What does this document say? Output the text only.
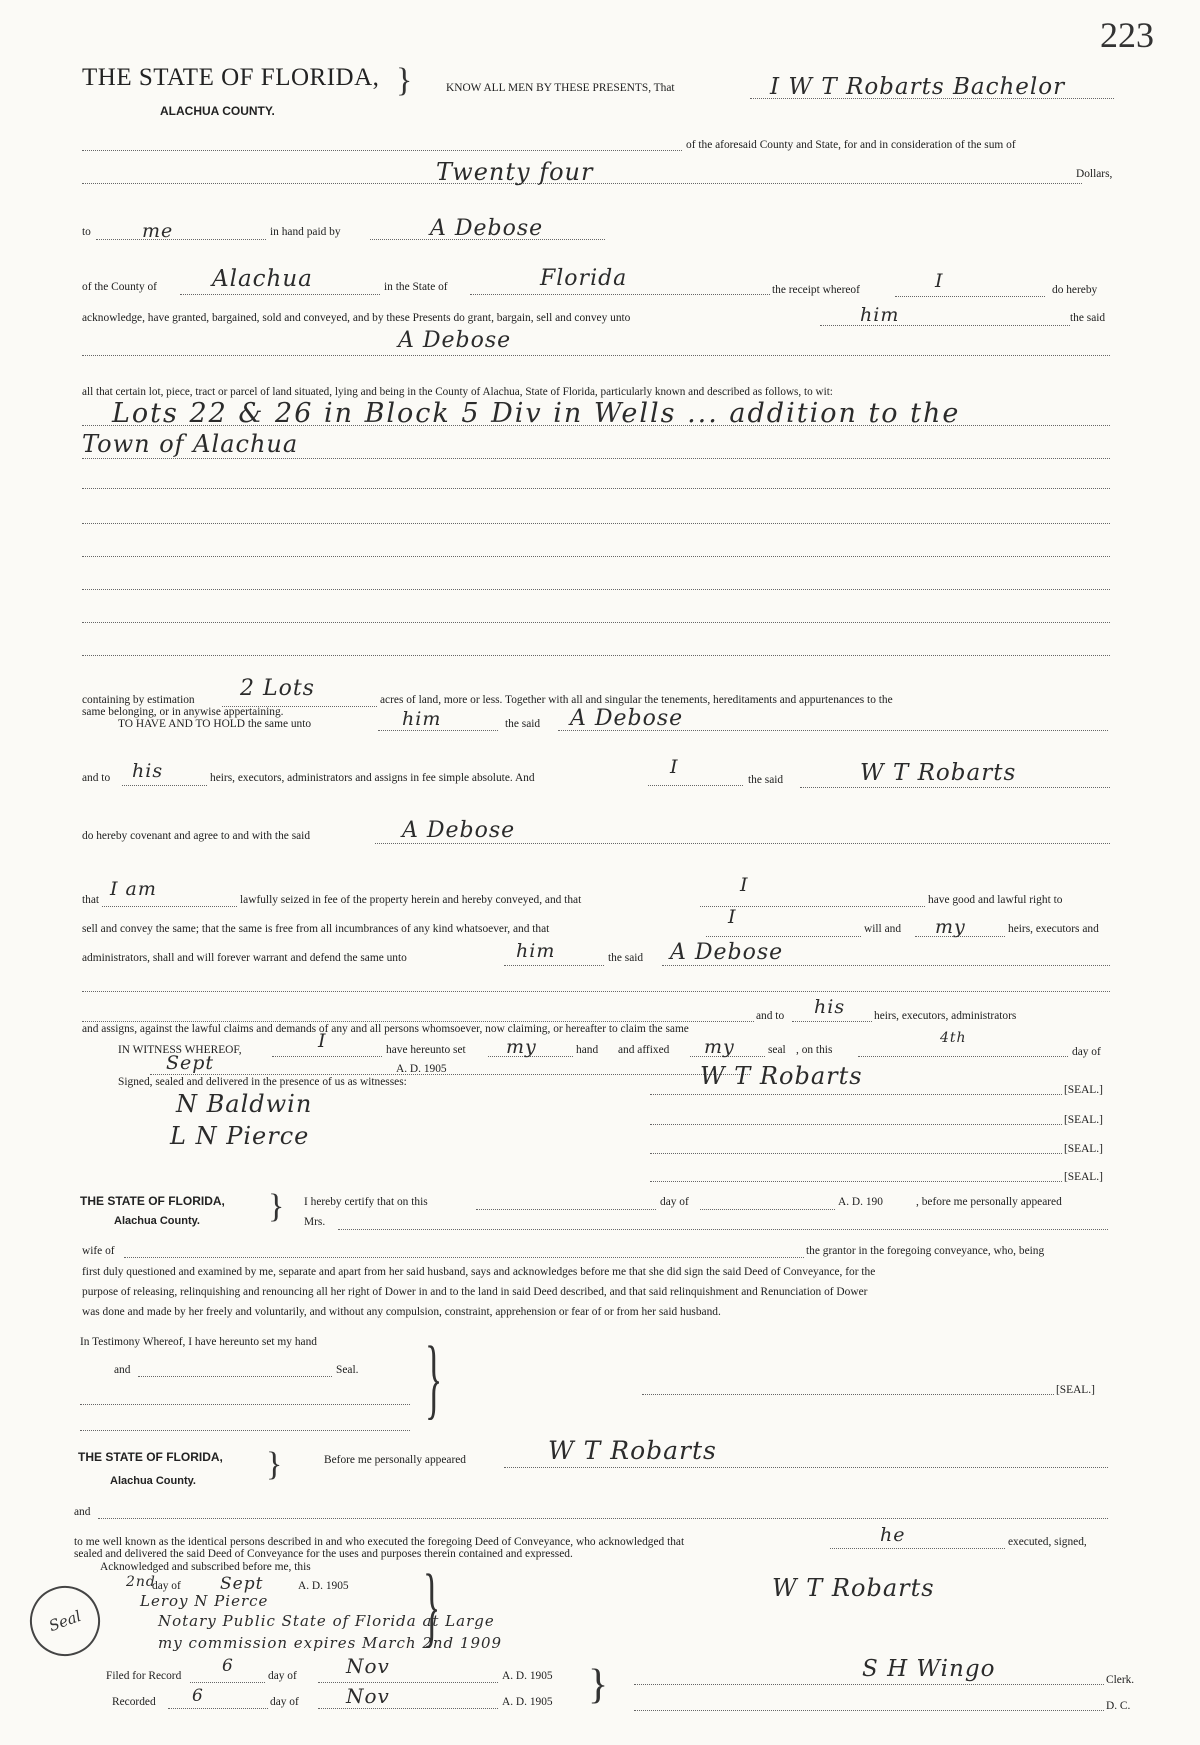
223
THE STATE OF FLORIDA,
ALACHUA COUNTY.
}	KNOW ALL MEN BY THESE PRESENTS, That	I W T Robarts Bachelor
of the aforesaid County and State, for and in consideration of the sum of
Twenty four	Dollars,
to	me	in hand paid by	A Debose
of the County of Alachua	in the State of	Florida	the receipt whereof	I	do hereby
acknowledge, have granted, bargained, sold and conveyed, and by these Presents do grant, bargain, sell and convey unto	him	the said
A Debose
all that certain lot, piece, tract or parcel of land situated, lying and being in the County of Alachua, State of Florida, particularly known and described as follows, to wit:
Lots 22 & 26 in Block 5 Div in Wells ... addition to the
Town of Alachua
containing by estimation 2 Lots	acres of land, more or less. Together with all and singular the tenements, hereditaments and appurtenances to the
same belonging, or in anywise appertaining.
TO HAVE AND TO HOLD the same unto	him	the said A Debose
and to his	heirs, executors, administrators and assigns in fee simple absolute. And	I
the said	W T Robarts
do hereby covenant and agree to and with the said	A Debose
that I am	lawfully seized in fee of the property herein and hereby conveyed, and that
I
have good and lawful right to
sell and convey the same; that the same is free from all incumbrances of any kind whatsoever, and that
I
will and my	heirs, executors and
administrators, shall and will forever warrant and defend the same unto	him	the said A Debose
and to his	heirs, executors, administrators
and assigns, against the lawful claims and demands of any and all persons whomsoever, now claiming, or hereafter to claim the same
IN WITNESS WHEREOF,	I	have hereunto set my	hand and affixed my	seal , on this
4th
day of
Sept	A. D. 1905
Signed, sealed and delivered in the presence of us as witnesses:
N Baldwin
L N Pierce
W T Robarts	[SEAL.]
[SEAL.]
[SEAL.]
[SEAL.]
THE STATE OF FLORIDA,
Alachua County. } I hereby certify that on this	day of	A. D. 190	, before me personally appeared
Mrs.
wife of	the grantor in the foregoing conveyance, who, being
first duly questioned and examined by me, separate and apart from her said husband, says and acknowledges before me that she did sign the said Deed of Conveyance, for the
purpose of releasing, relinquishing and renouncing all her right of Dower in and to the land in said Deed described, and that said relinquishment and Renunciation of Dower
was done and made by her freely and voluntarily, and without any compulsion, constraint, apprehension or fear of or from her said husband.
In Testimony Whereof, I have hereunto set my hand
and	Seal. }	[SEAL.]
THE STATE OF FLORIDA,
Alachua County. }	Before me personally appeared	W T Robarts
and
to me well known as the identical persons described in and who executed the foregoing Deed of Conveyance, who acknowledged that	he	executed, signed,
sealed and delivered the said Deed of Conveyance for the uses and purposes therein contained and expressed.
Acknowledged and subscribed before me, this
2nd
day of Sept	A. D. 1905
Leroy N Pierce
Notary Public State of Florida at Large
my commission expires March 2nd 1909
Seal	}	W T Robarts
Filed for Record 6	day of Nov	A. D. 1905
Recorded 6	day of Nov	A. D. 1905 }	S H Wingo	Clerk.
D. C.
